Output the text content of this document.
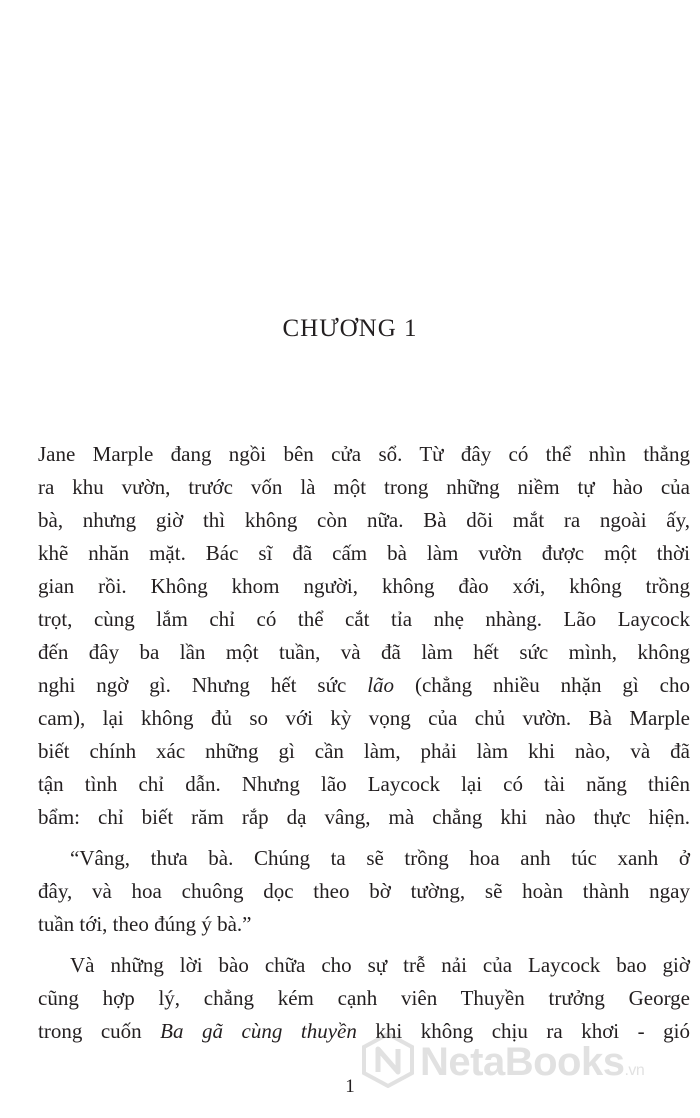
CHƯƠNG 1
Jane Marple đang ngồi bên cửa sổ. Từ đây có thể nhìn thẳng
ra khu vườn, trước vốn là một trong những niềm tự hào của
bà, nhưng giờ thì không còn nữa. Bà dõi mắt ra ngoài ấy,
khẽ nhăn mặt. Bác sĩ đã cấm bà làm vườn được một thời
gian rồi. Không khom người, không đào xới, không trồng
trọt, cùng lắm chỉ có thể cắt tỉa nhẹ nhàng. Lão Laycock
đến đây ba lần một tuần, và đã làm hết sức mình, không
nghi ngờ gì. Nhưng hết sức lão (chẳng nhiều nhặn gì cho
cam), lại không đủ so với kỳ vọng của chủ vườn. Bà Marple
biết chính xác những gì cần làm, phải làm khi nào, và đã
tận tình chỉ dẫn. Nhưng lão Laycock lại có tài năng thiên
bẩm: chỉ biết răm rắp dạ vâng, mà chẳng khi nào thực hiện.
“Vâng, thưa bà. Chúng ta sẽ trồng hoa anh túc xanh ở
đây, và hoa chuông dọc theo bờ tường, sẽ hoàn thành ngay
tuần tới, theo đúng ý bà.”
Và những lời bào chữa cho sự trễ nải của Laycock bao giờ
cũng hợp lý, chẳng kém cạnh viên Thuyền trưởng George
trong cuốn Ba gã cùng thuyền khi không chịu ra khơi - gió
NetaBooks.vn
1
